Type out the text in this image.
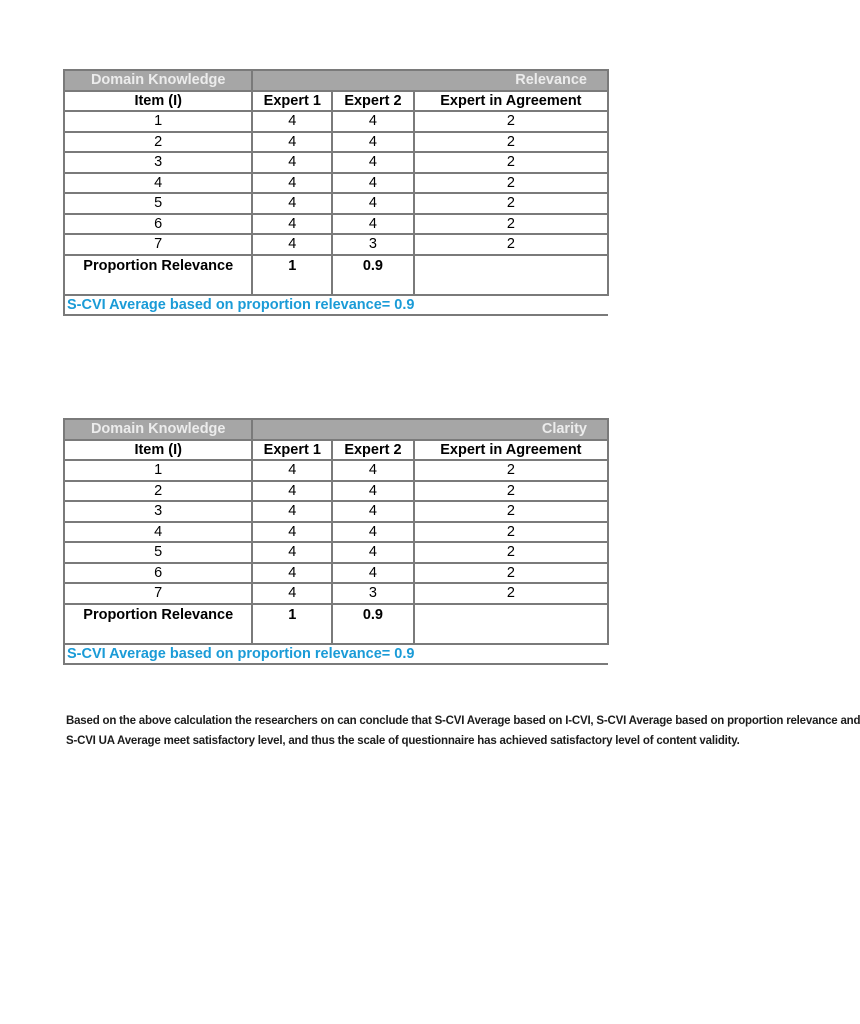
Domain Knowledge	Relevance		
Item (I)	Expert 1	Expert 2	Expert in Agreement
1	4	4	2
2	4	4	2
3	4	4	2
4	4	4	2
5	4	4	2
6	4	4	2
7	4	3	2
Proportion Relevance	1	0.9	
S-CVI Average based on proportion relevance= 0.9			
Domain Knowledge	Clarity		
Item (I)	Expert 1	Expert 2	Expert in Agreement
1	4	4	2
2	4	4	2
3	4	4	2
4	4	4	2
5	4	4	2
6	4	4	2
7	4	3	2
Proportion Relevance	1	0.9	
S-CVI Average based on proportion relevance= 0.9			
Based on the above calculation the researchers on can conclude that S-CVI Average based on I-CVI, S-CVI Average based on proportion relevance and
S-CVI UA Average meet satisfactory level, and thus the scale of questionnaire has achieved satisfactory level of content validity.
